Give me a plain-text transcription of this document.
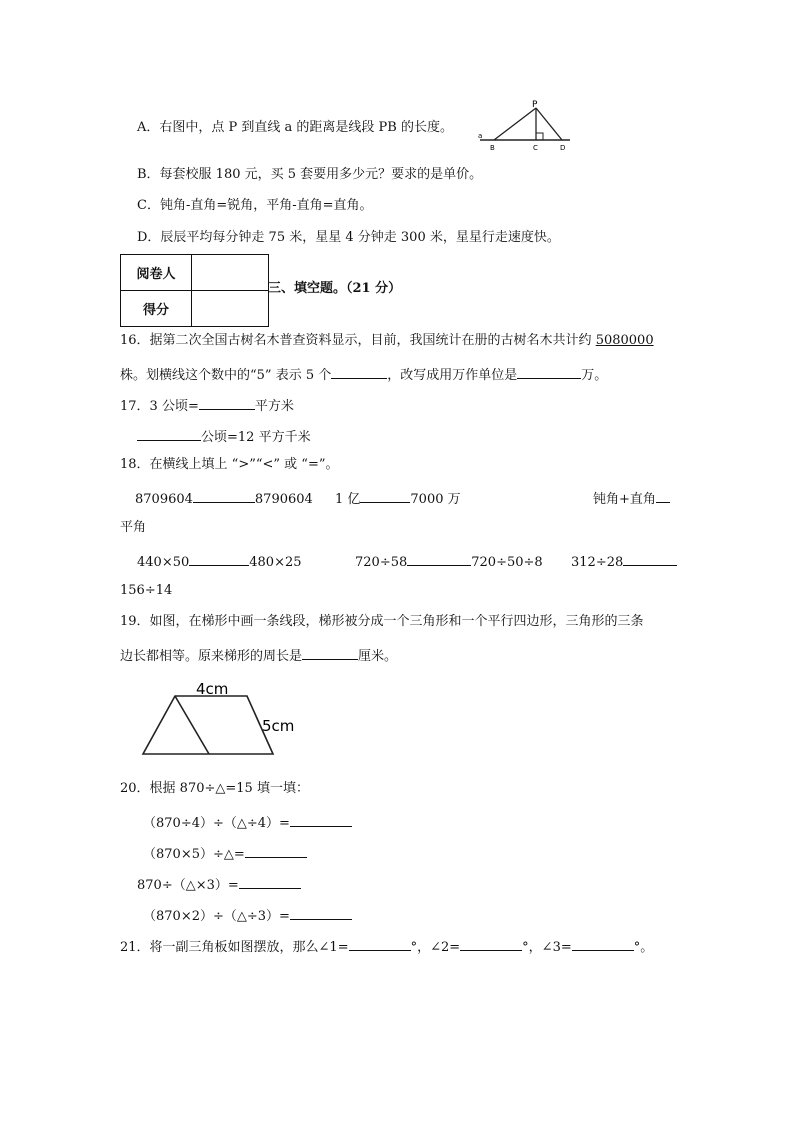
A．右图中，点 P 到直线 a 的距离是线段 PB 的长度。
P
a
B	C	D
B．每套校服 180 元，买 5 套要用多少元？要求的是单价。
C．钝角-直角=锐角，平角-直角=直角。
D．辰辰平均每分钟走 75 米，星星 4 分钟走 300 米，星星行走速度快。
阅卷人	
得分	
三、填空题。（21 分）
16．据第二次全国古树名木普查资料显示，目前，我国统计在册的古树名木共计约 5080000
株。划横线这个数中的“5” 表示 5 个	，改写成用万作单位是	万。
17．3 公顷=	平方米
公顷=12 平方千米
18．在横线上填上 “>”“<” 或 “=”。
8709604	8790604 1 亿	7000 万	钝角+直角
平角
440×50	480×25	720÷58	720÷50÷8 312÷28
156÷14
19．如图，在梯形中画一条线段，梯形被分成一个三角形和一个平行四边形，三角形的三条
边长都相等。原来梯形的周长是	厘米。
4cm
5cm
20．根据 870÷△=15 填一填：
（870÷4）÷（△÷4）=
（870×5）÷△=
870÷（△×3）=
（870×2）÷（△÷3）=
21．将一副三角板如图摆放，那么∠1=	°，∠2=	°，∠3=	°。
